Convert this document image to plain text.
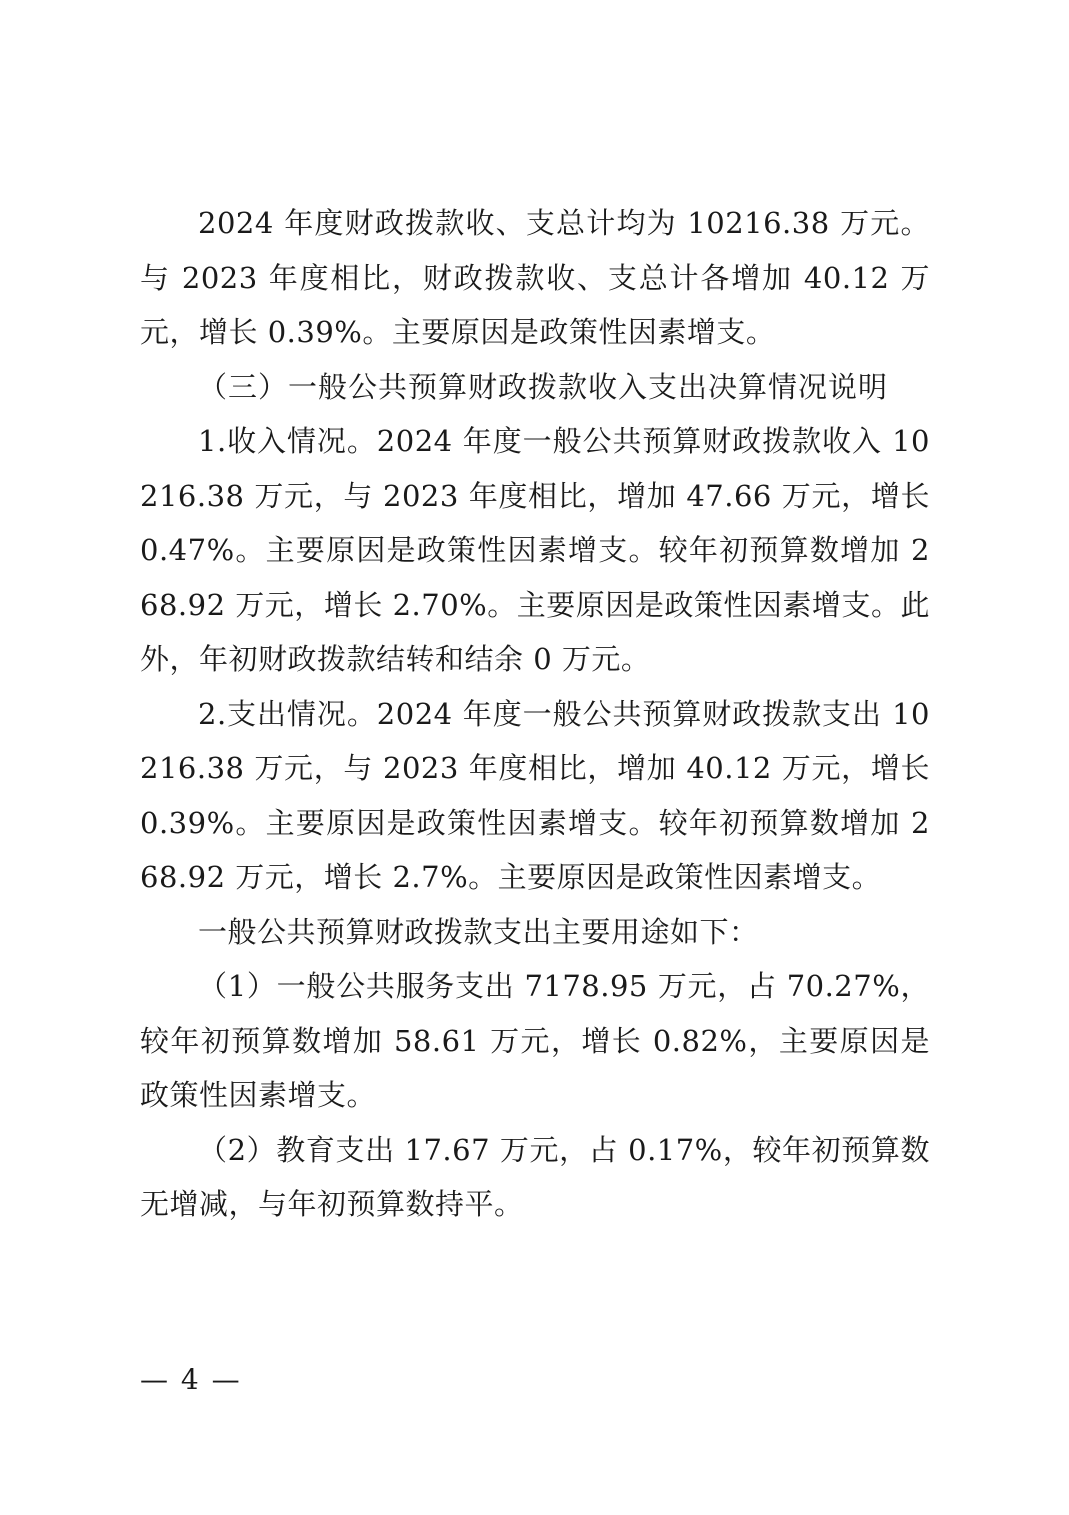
2024 年度财政拨款收、支总计均为 10216.38 万元。与 2023 年度相比，财政拨款收、支总计各增加 40.12 万元，增长 0.39%。主要原因是政策性因素增支。

（三）一般公共预算财政拨款收入支出决算情况说明

1.收入情况。2024 年度一般公共预算财政拨款收入 10216.38 万元，与 2023 年度相比，增加 47.66 万元，增长 0.47%。主要原因是政策性因素增支。较年初预算数增加 268.92 万元，增长 2.70%。主要原因是政策性因素增支。此外，年初财政拨款结转和结余 0 万元。

2.支出情况。2024 年度一般公共预算财政拨款支出 10216.38 万元，与 2023 年度相比，增加 40.12 万元，增长 0.39%。主要原因是政策性因素增支。较年初预算数增加 268.92 万元，增长 2.7%。主要原因是政策性因素增支。

一般公共预算财政拨款支出主要用途如下：

（1）一般公共服务支出 7178.95 万元，占 70.27%，较年初预算数增加 58.61 万元，增长 0.82%，主要原因是政策性因素增支。

（2）教育支出 17.67 万元，占 0.17%，较年初预算数无增减，与年初预算数持平。

— 4 —
